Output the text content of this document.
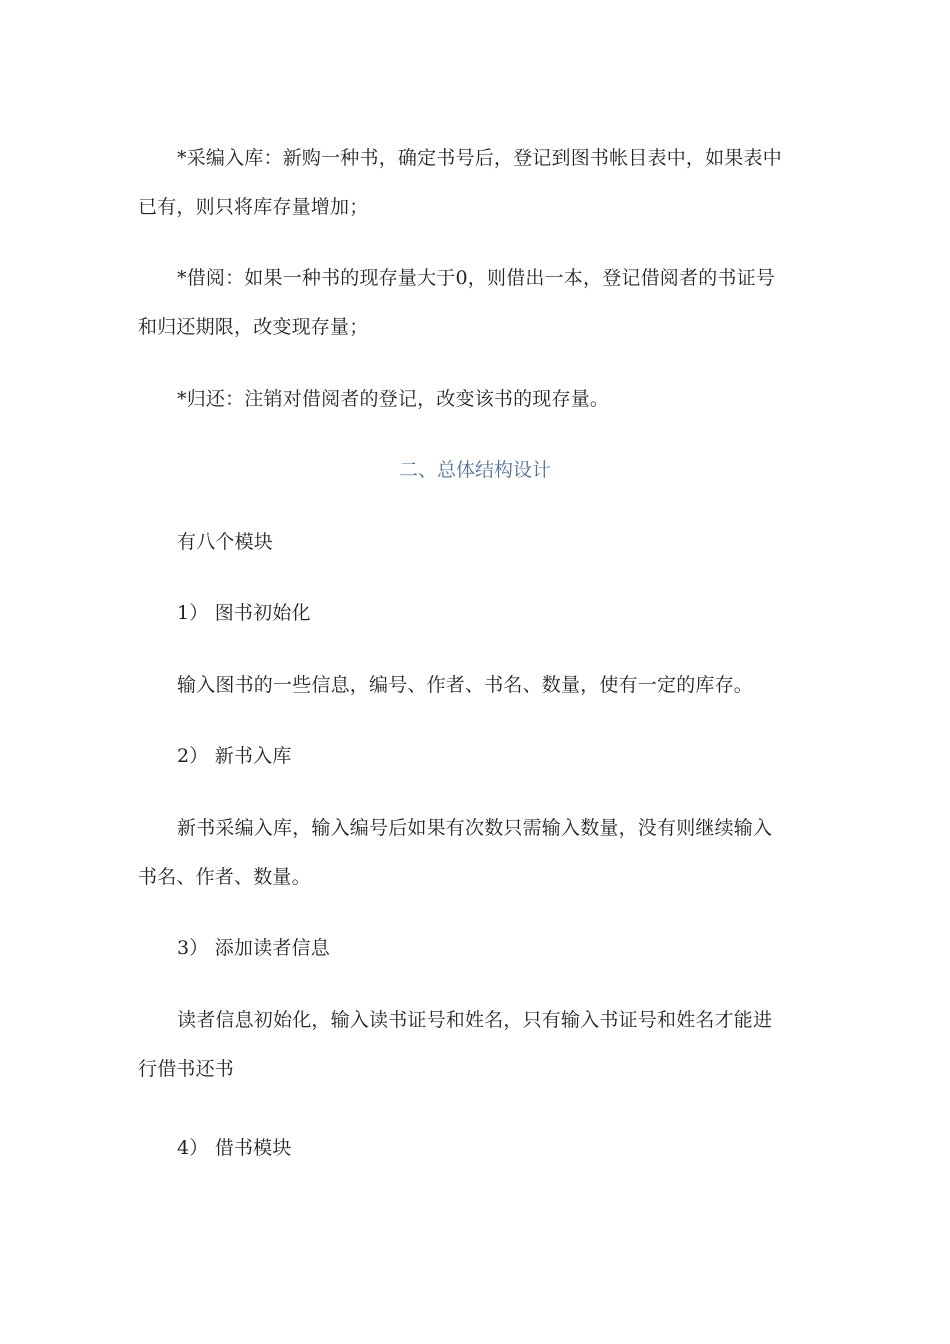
*采编入库：新购一种书，确定书号后，登记到图书帐目表中，如果表中
已有，则只将库存量增加；
*借阅：如果一种书的现存量大于0，则借出一本，登记借阅者的书证号
和归还期限，改变现存量；
*归还：注销对借阅者的登记，改变该书的现存量。
二、总体结构设计
有八个模块
1） 图书初始化
输入图书的一些信息，编号、作者、书名、数量，使有一定的库存。
2） 新书入库
新书采编入库，输入编号后如果有次数只需输入数量，没有则继续输入
书名、作者、数量。
3） 添加读者信息
读者信息初始化，输入读书证号和姓名，只有输入书证号和姓名才能进
行借书还书
4） 借书模块
